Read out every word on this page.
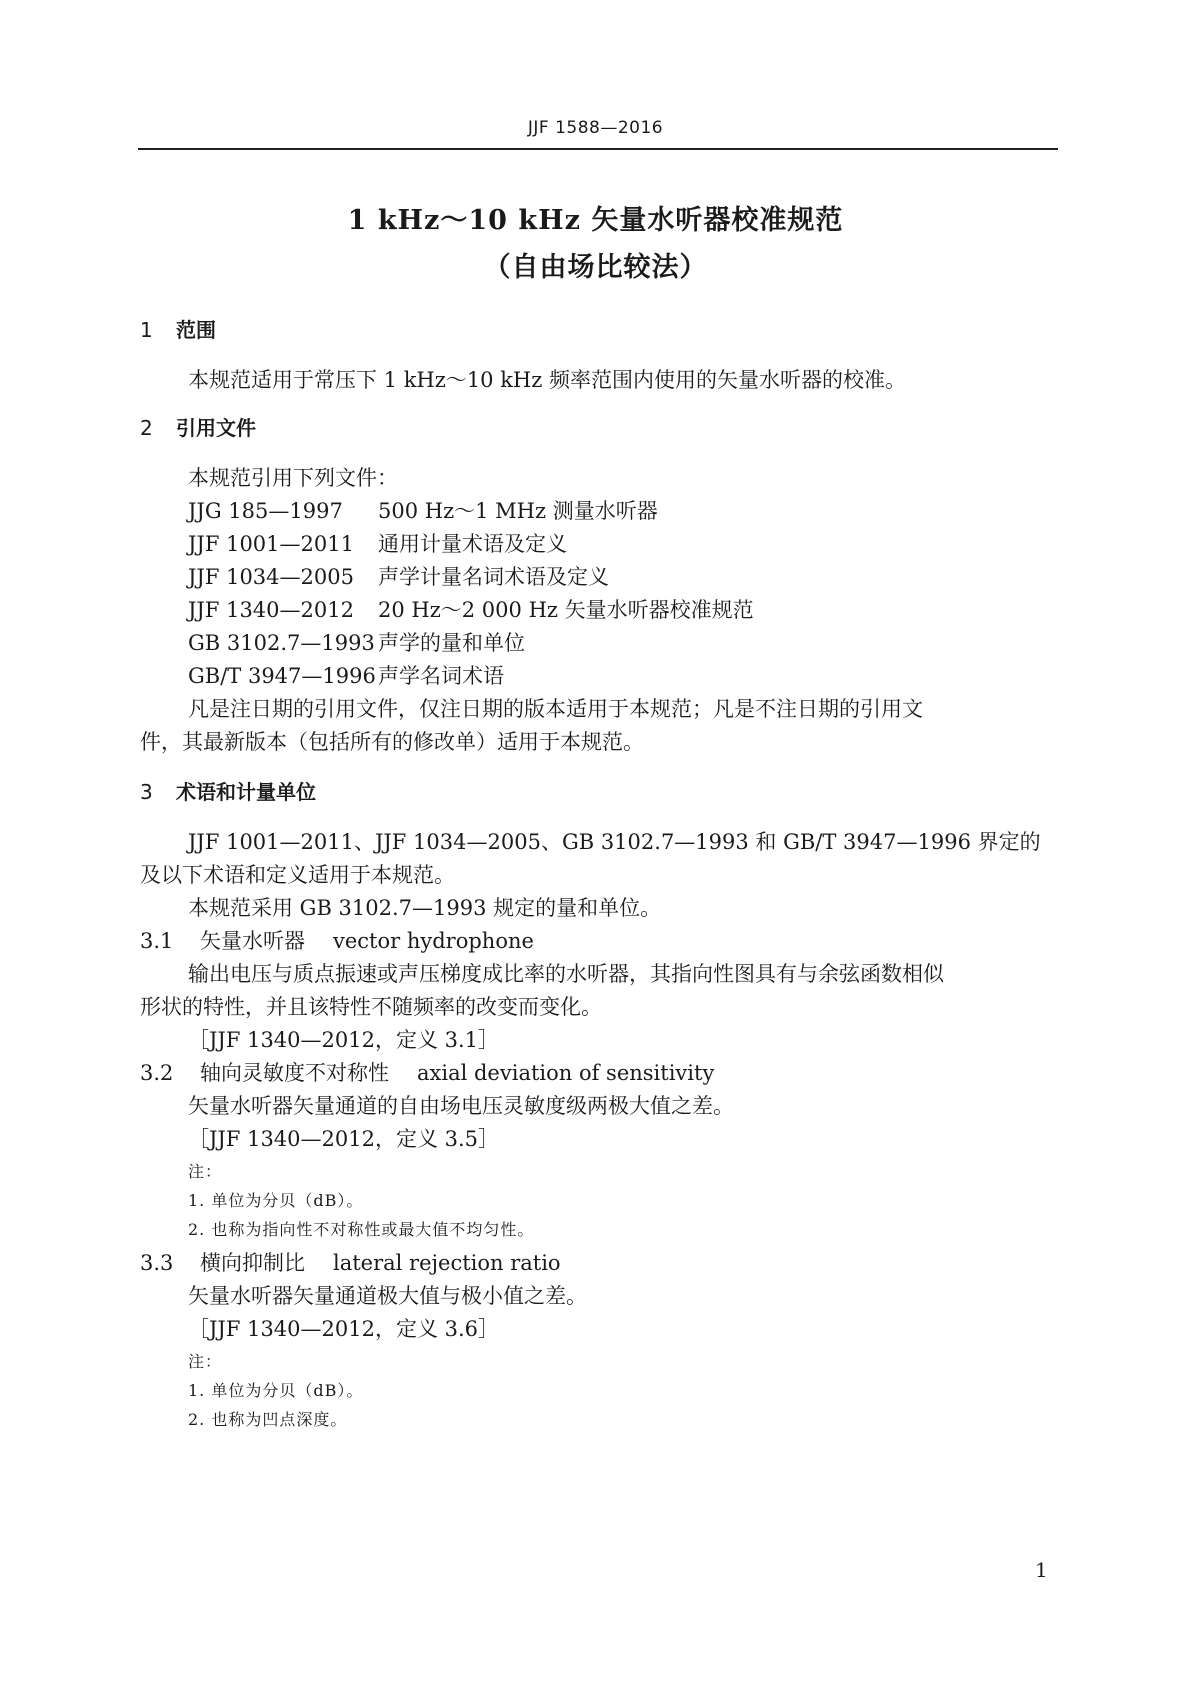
JJF 1588—2016
1 kHz～10 kHz 矢量水听器校准规范
（自由场比较法）
1 范围
本规范适用于常压下 1 kHz～10 kHz 频率范围内使用的矢量水听器的校准。
2 引用文件
本规范引用下列文件：
JJG 185—1997 500 Hz～1 MHz 测量水听器
JJF 1001—2011 通用计量术语及定义
JJF 1034—2005 声学计量名词术语及定义
JJF 1340—2012 20 Hz～2 000 Hz 矢量水听器校准规范
GB 3102.7—1993 声学的量和单位
GB/T 3947—1996 声学名词术语
凡是注日期的引用文件，仅注日期的版本适用于本规范；凡是不注日期的引用文
件，其最新版本（包括所有的修改单）适用于本规范。
3 术语和计量单位
JJF 1001—2011、JJF 1034—2005、GB 3102.7—1993 和 GB/T 3947—1996 界定的
及以下术语和定义适用于本规范。
本规范采用 GB 3102.7—1993 规定的量和单位。
3.1 矢量水听器 vector hydrophone
输出电压与质点振速或声压梯度成比率的水听器，其指向性图具有与余弦函数相似
形状的特性，并且该特性不随频率的改变而变化。
［JJF 1340—2012，定义 3.1］
3.2 轴向灵敏度不对称性 axial deviation of sensitivity
矢量水听器矢量通道的自由场电压灵敏度级两极大值之差。
［JJF 1340—2012，定义 3.5］
注：
1. 单位为分贝（dB）。
2. 也称为指向性不对称性或最大值不均匀性。
3.3 横向抑制比 lateral rejection ratio
矢量水听器矢量通道极大值与极小值之差。
［JJF 1340—2012，定义 3.6］
注：
1. 单位为分贝（dB）。
2. 也称为凹点深度。
1
